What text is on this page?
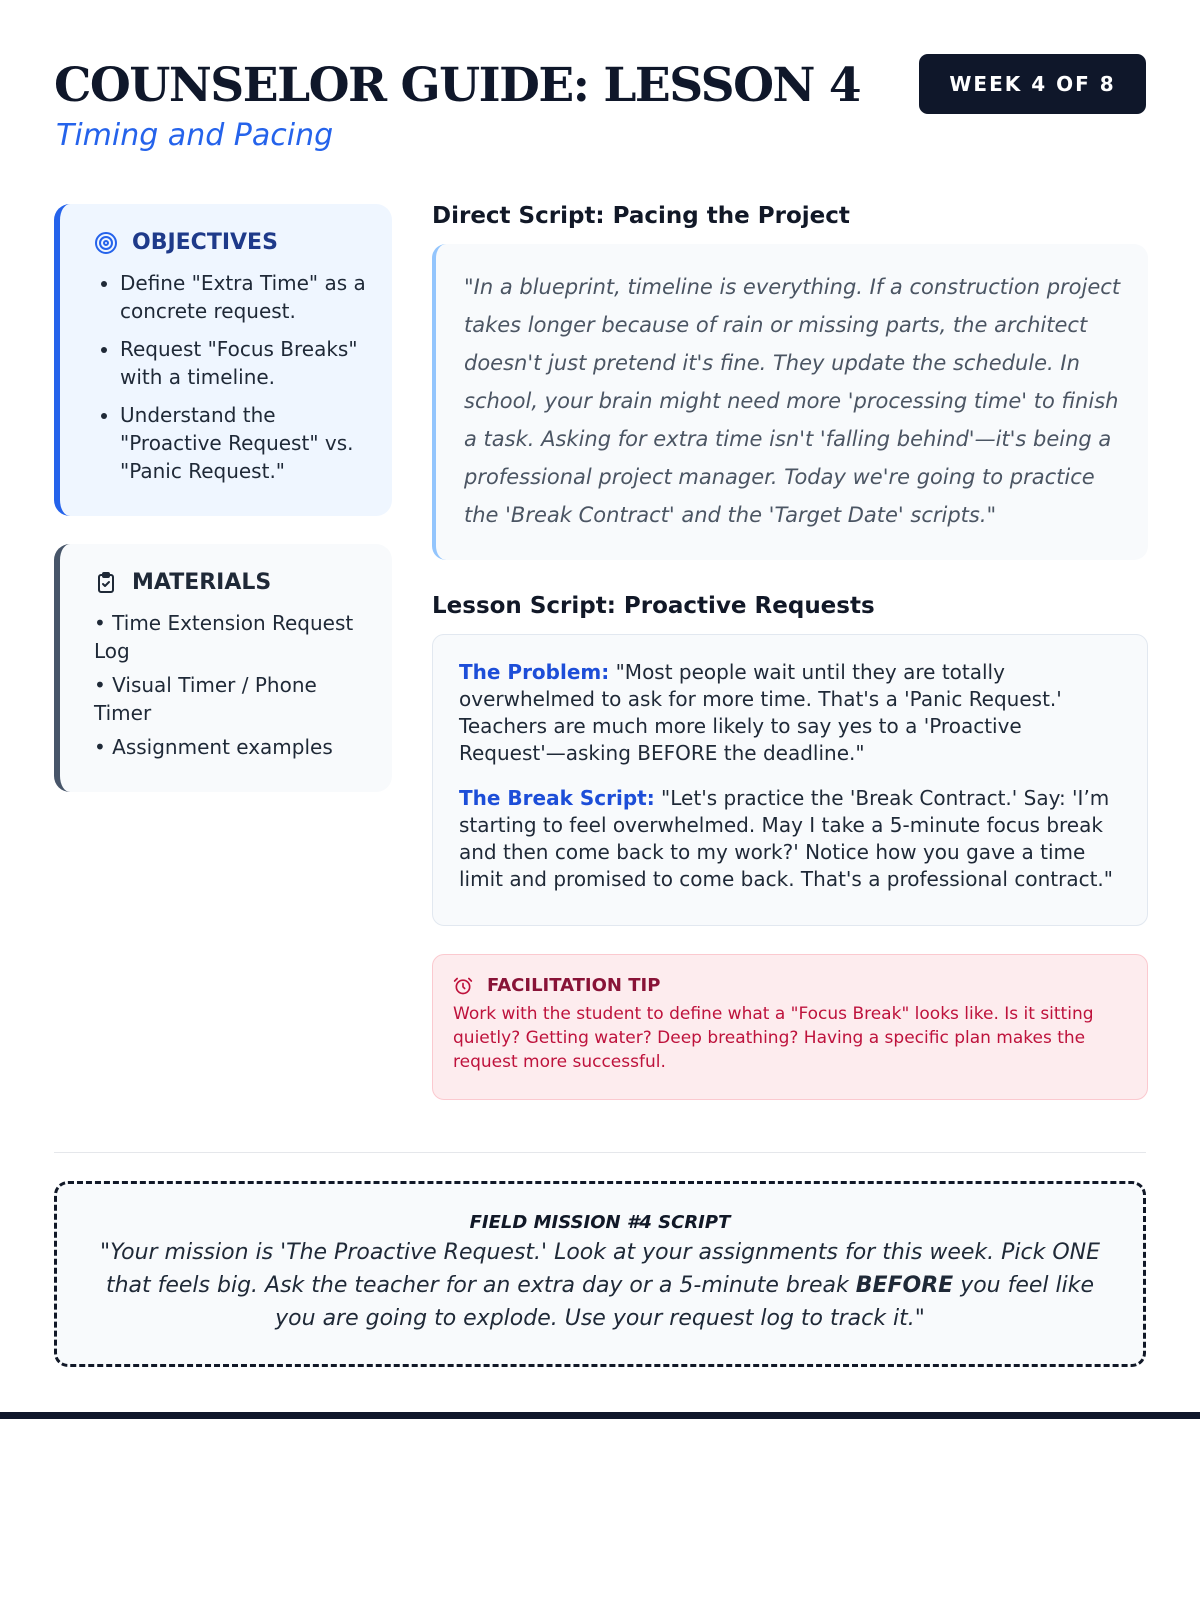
COUNSELOR GUIDE: LESSON 4
Timing and Pacing
WEEK 4 OF 8
OBJECTIVES
• Define "Extra Time" as a concrete request.
• Request "Focus Breaks" with a timeline.
• Understand the "Proactive Request" vs. "Panic Request."
MATERIALS
• Time Extension Request Log
• Visual Timer / Phone Timer
• Assignment examples
Direct Script: Pacing the Project
"In a blueprint, timeline is everything. If a construction project takes longer because of rain or missing parts, the architect doesn't just pretend it's fine. They update the schedule. In school, your brain might need more 'processing time' to finish a task. Asking for extra time isn't 'falling behind'—it's being a professional project manager. Today we're going to practice the 'Break Contract' and the 'Target Date' scripts."
Lesson Script: Proactive Requests

The Problem: "Most people wait until they are totally overwhelmed to ask for more time. That's a 'Panic Request.' Teachers are much more likely to say yes to a 'Proactive Request'—asking BEFORE the deadline."

The Break Script: "Let's practice the 'Break Contract.' Say: 'I’m starting to feel overwhelmed. May I take a 5-minute focus break and then come back to my work?' Notice how you gave a time limit and promised to come back. That's a professional contract."

FACILITATION TIP
Work with the student to define what a "Focus Break" looks like. Is it sitting quietly? Getting water? Deep breathing? Having a specific plan makes the request more successful.
FIELD MISSION #4 SCRIPT
"Your mission is 'The Proactive Request.' Look at your assignments for this week. Pick ONE that feels big. Ask the teacher for an extra day or a 5-minute break BEFORE you feel like you are going to explode. Use your request log to track it."
